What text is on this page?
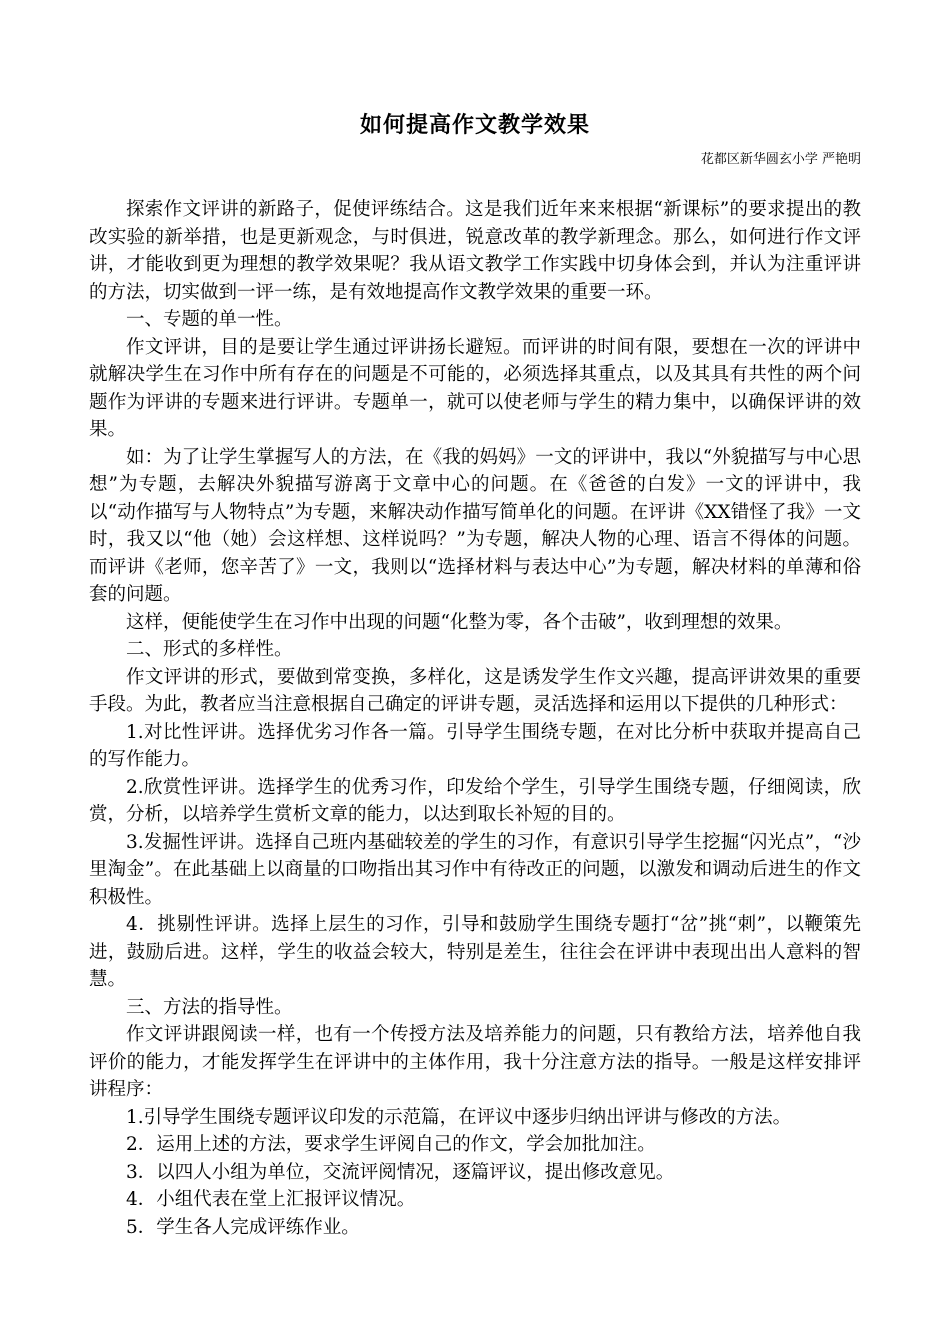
如何提高作文教学效果
花都区新华圆玄小学 严艳明

探索作文评讲的新路子，促使评练结合。这是我们近年来来根据“新课标”的要求提出的教改实验的新举措，也是更新观念，与时俱进，锐意改革的教学新理念。那么，如何进行作文评讲，才能收到更为理想的教学效果呢？我从语文教学工作实践中切身体会到，并认为注重评讲的方法，切实做到一评一练，是有效地提高作文教学效果的重要一环。

一、专题的单一性。

作文评讲，目的是要让学生通过评讲扬长避短。而评讲的时间有限，要想在一次的评讲中就解决学生在习作中所有存在的问题是不可能的，必须选择其重点，以及其具有共性的两个问题作为评讲的专题来进行评讲。专题单一，就可以使老师与学生的精力集中，以确保评讲的效果。

如：为了让学生掌握写人的方法，在《我的妈妈》一文的评讲中，我以“外貌描写与中心思想”为专题，去解决外貌描写游离于文章中心的问题。在《爸爸的白发》一文的评讲中，我以“动作描写与人物特点”为专题，来解决动作描写简单化的问题。在评讲《XX错怪了我》一文时，我又以“他（她）会这样想、这样说吗？”为专题，解决人物的心理、语言不得体的问题。而评讲《老师，您辛苦了》一文，我则以“选择材料与表达中心”为专题，解决材料的单薄和俗套的问题。

这样，便能使学生在习作中出现的问题“化整为零，各个击破”，收到理想的效果。

二、形式的多样性。

作文评讲的形式，要做到常变换，多样化，这是诱发学生作文兴趣，提高评讲效果的重要手段。为此，教者应当注意根据自己确定的评讲专题，灵活选择和运用以下提供的几种形式：

1.对比性评讲。选择优劣习作各一篇。引导学生围绕专题，在对比分析中获取并提高自己的写作能力。

2.欣赏性评讲。选择学生的优秀习作，印发给个学生，引导学生围绕专题，仔细阅读，欣赏，分析，以培养学生赏析文章的能力，以达到取长补短的目的。

3.发掘性评讲。选择自己班内基础较差的学生的习作，有意识引导学生挖掘“闪光点”，“沙里淘金”。在此基础上以商量的口吻指出其习作中有待改正的问题，以激发和调动后进生的作文积极性。

4．挑剔性评讲。选择上层生的习作，引导和鼓励学生围绕专题打“岔”挑“刺”，以鞭策先进，鼓励后进。这样，学生的收益会较大，特别是差生，往往会在评讲中表现出出人意料的智慧。

三、方法的指导性。

作文评讲跟阅读一样，也有一个传授方法及培养能力的问题，只有教给方法，培养他自我评价的能力，才能发挥学生在评讲中的主体作用，我十分注意方法的指导。一般是这样安排评讲程序：

1.引导学生围绕专题评议印发的示范篇，在评议中逐步归纳出评讲与修改的方法。

2．运用上述的方法，要求学生评阅自己的作文，学会加批加注。

3．以四人小组为单位，交流评阅情况，逐篇评议，提出修改意见。

4．小组代表在堂上汇报评议情况。

5．学生各人完成评练作业。
